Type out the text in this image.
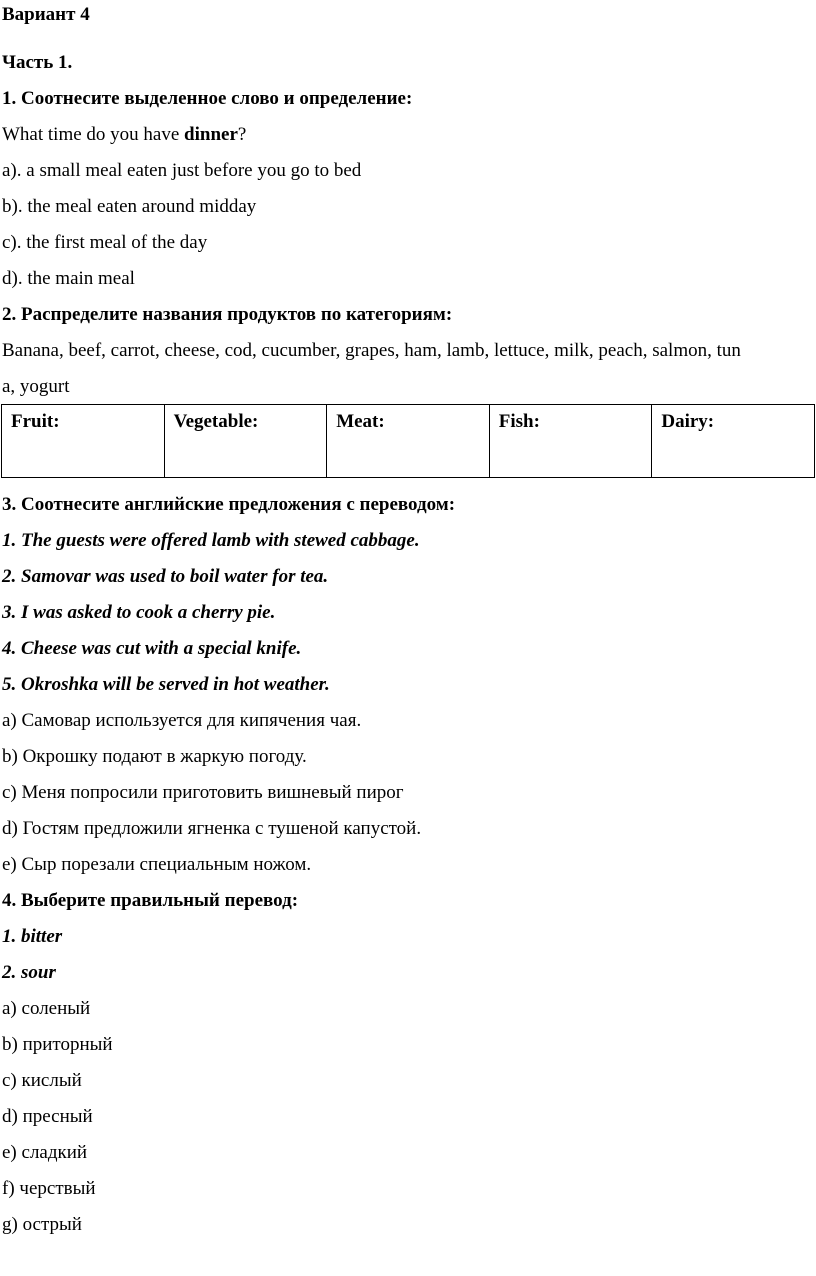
Вариант 4
Часть 1.
1. Соотнесите выделенное слово и определение:
What time do you have dinner?
a). a small meal eaten just before you go to bed
b). the meal eaten around midday
c). the first meal of the day
d). the main meal
2. Распределите названия продуктов по категориям:
Banana, beef, carrot, cheese, cod, cucumber, grapes, ham, lamb, lettuce, milk, peach, salmon, tun
a, yogurt
Fruit:	Vegetable:	Meat:	Fish:	Dairy:
3. Соотнесите английские предложения с переводом:
1. The guests were offered lamb with stewed cabbage.
2. Samovar was used to boil water for tea.
3. I was asked to cook a cherry pie.
4. Cheese was cut with a special knife.
5. Okroshka will be served in hot weather.
a) Самовар используется для кипячения чая.
b) Окрошку подают в жаркую погоду.
c) Меня попросили приготовить вишневый пирог
d) Гостям предложили ягненка с тушеной капустой.
e) Сыр порезали специальным ножом.
4. Выберите правильный перевод:
1. bitter
2. sour
a) соленый
b) приторный
c) кислый
d) пресный
e) сладкий
f) черствый
g) острый
